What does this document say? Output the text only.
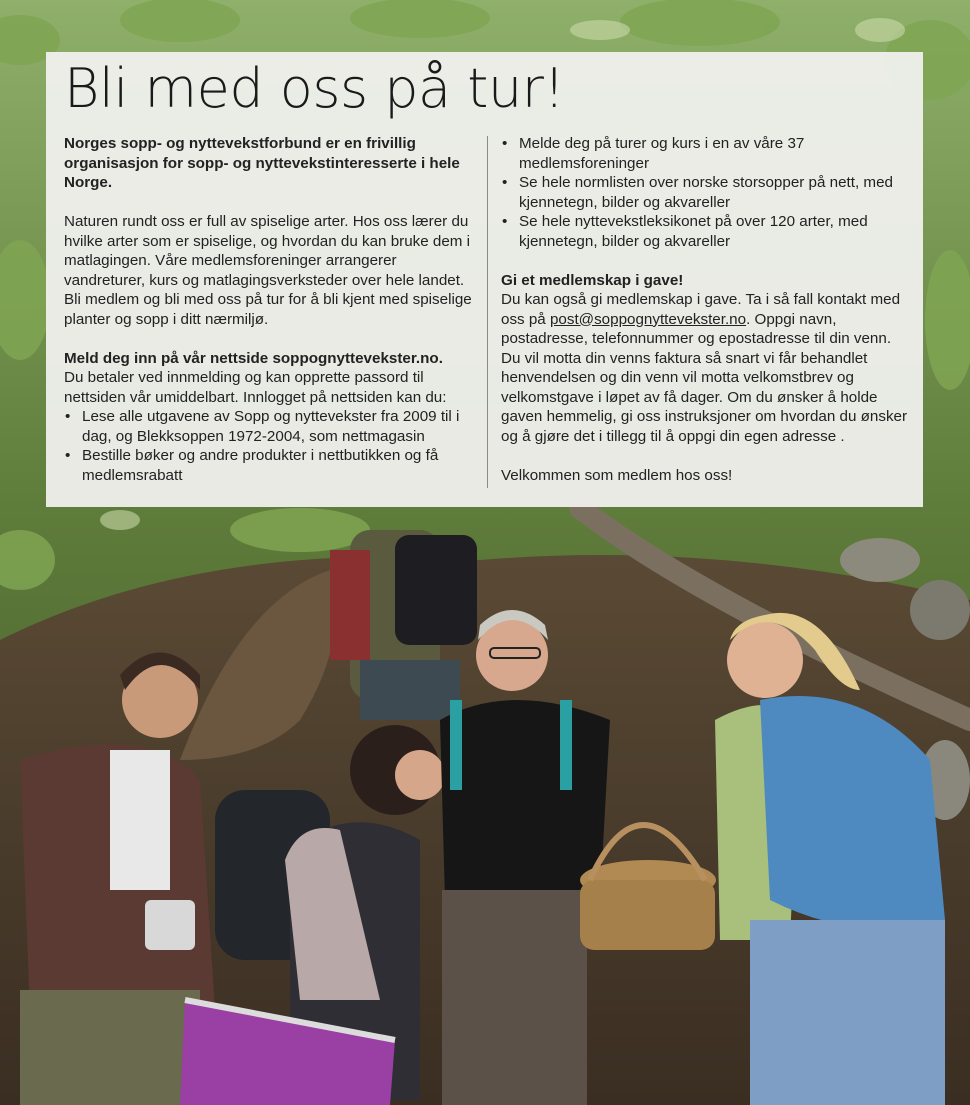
Bli med oss på tur!

Norges sopp- og nyttevekstforbund er en frivillig organisasjon for sopp- og nyttevekstinteresserte i hele Norge.

Naturen rundt oss er full av spiselige arter. Hos oss lærer du hvilke arter som er spiselige, og hvordan du kan bruke dem i matlagingen. Våre medlemsforeninger arrangerer vandreturer, kurs og matlagingsverksteder over hele landet. Bli medlem og bli med oss på tur for å bli kjent med spiselige planter og sopp i ditt nærmiljø.

Meld deg inn på vår nettside soppognyttevekster.no.

Du betaler ved innmelding og kan opprette passord til nettsiden vår umiddelbart. Innlogget på nettsiden kan du:

• Lese alle utgavene av Sopp og nyttevekster fra 2009 til i dag, og Blekksoppen 1972-2004, som nettmagasin
• Bestille bøker og andre produkter i nettbutikken og få medlemsrabatt
• Melde deg på turer og kurs i en av våre 37 medlemsforeninger
• Se hele normlisten over norske storsopper på nett, med kjennetegn, bilder og akvareller
• Se hele nyttevekstleksikonet på over 120 arter, med kjennetegn, bilder og akvareller

Gi et medlemskap i gave!

Du kan også gi medlemskap i gave. Ta i så fall kontakt med oss på post@soppognyttevekster.no. Oppgi navn, postadresse, telefonnummer og epostadresse til din venn. Du vil motta din venns faktura så snart vi får behandlet henvendelsen og din venn vil motta velkomstbrev og velkomstgave i løpet av få dager. Om du ønsker å holde gaven hemmelig, gi oss instruksjoner om hvordan du ønsker og å gjøre det i tillegg til å oppgi din egen adresse .

Velkommen som medlem hos oss!
